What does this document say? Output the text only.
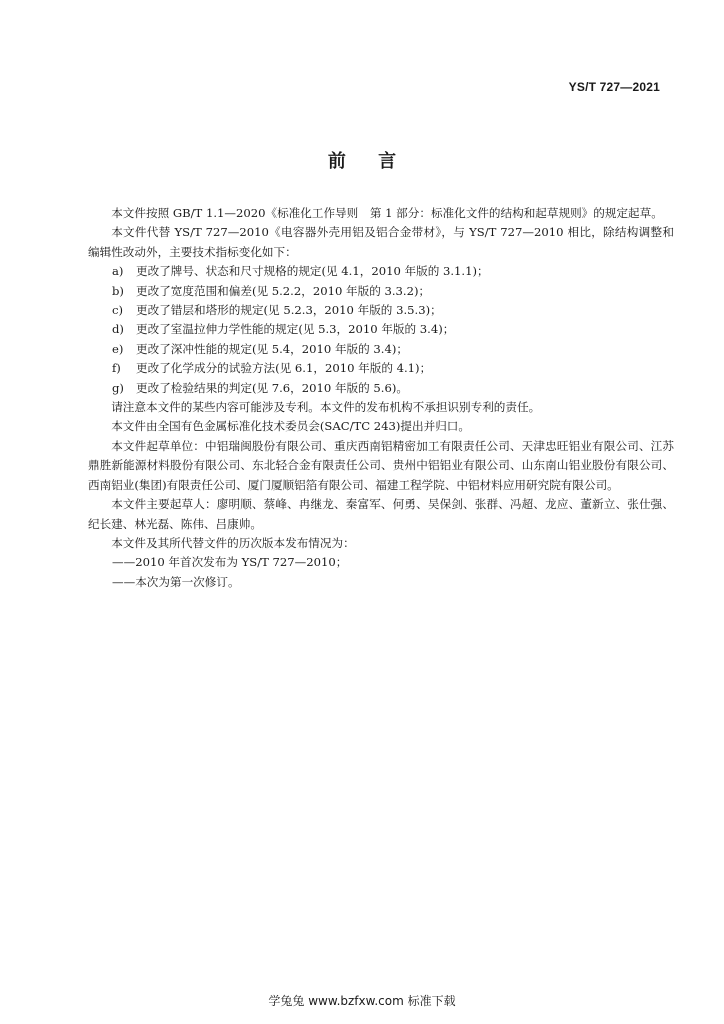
YS/T 727—2021
前 言

本文件按照 GB/T 1.1—2020《标准化工作导则　第 1 部分：标准化文件的结构和起草规则》的规定起草。

本文件代替 YS/T 727—2010《电容器外壳用铝及铝合金带材》，与 YS/T 727—2010 相比，除结构调整和编辑性改动外，主要技术指标变化如下：

a) 更改了牌号、状态和尺寸规格的规定(见 4.1，2010 年版的 3.1.1)；

b) 更改了宽度范围和偏差(见 5.2.2，2010 年版的 3.3.2)；

c) 更改了错层和塔形的规定(见 5.2.3，2010 年版的 3.5.3)；

d) 更改了室温拉伸力学性能的规定(见 5.3，2010 年版的 3.4)；

e) 更改了深冲性能的规定(见 5.4，2010 年版的 3.4)；

f) 更改了化学成分的试验方法(见 6.1，2010 年版的 4.1)；

g) 更改了检验结果的判定(见 7.6，2010 年版的 5.6)。

请注意本文件的某些内容可能涉及专利。本文件的发布机构不承担识别专利的责任。

本文件由全国有色金属标准化技术委员会(SAC/TC 243)提出并归口。

本文件起草单位：中铝瑞闽股份有限公司、重庆西南铝精密加工有限责任公司、天津忠旺铝业有限公司、江苏鼎胜新能源材料股份有限公司、东北轻合金有限责任公司、贵州中铝铝业有限公司、山东南山铝业股份有限公司、西南铝业(集团)有限责任公司、厦门厦顺铝箔有限公司、福建工程学院、中铝材料应用研究院有限公司。

本文件主要起草人：廖明顺、蔡峰、冉继龙、秦富军、何勇、吴保剑、张群、冯超、龙应、董新立、张仕强、纪长建、林光磊、陈伟、吕康帅。

本文件及其所代替文件的历次版本发布情况为：

——2010 年首次发布为 YS/T 727—2010；

——本次为第一次修订。

学兔兔 www.bzfxw.com 标准下载
